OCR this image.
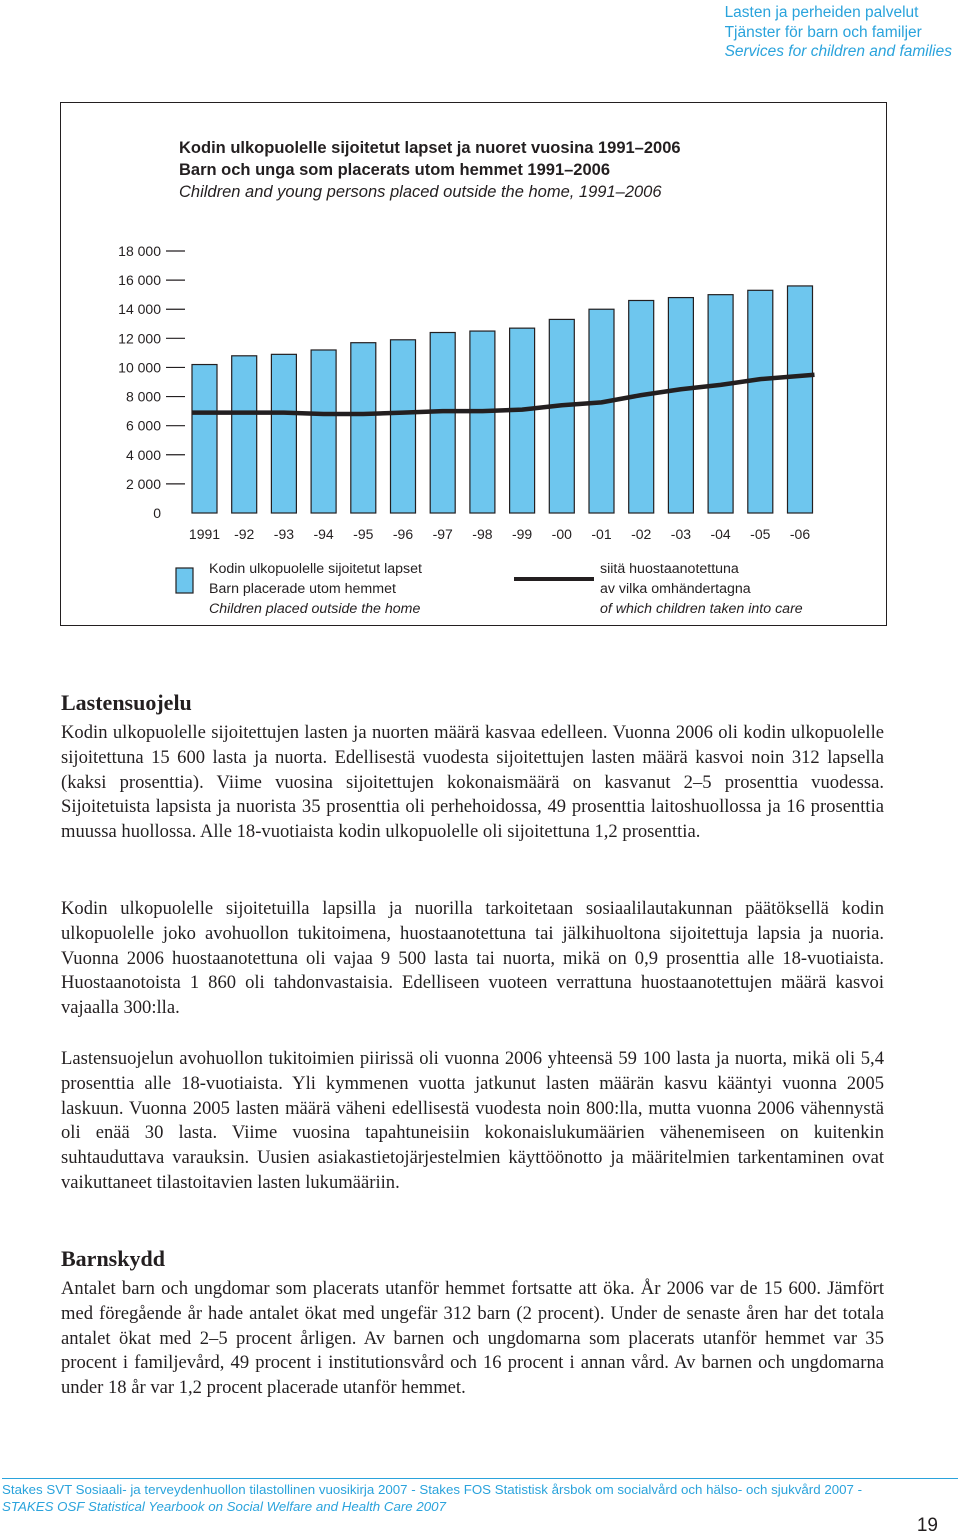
Lasten ja perheiden palvelut
Tjänster för barn och familjer
Services for children and families
Kodin ulkopuolelle sijoitetut lapset ja nuoret vuosina 1991–2006
Barn och unga som placerats utom hemmet 1991–2006
Children and young persons placed outside the home, 1991–2006
0
2 000
4 000
6 000
8 000
10 000
12 000
14 000
16 000
18 000
1991 -92 -93 -94 -95 -96 -97 -98 -99 -00 -01 -02 -03 -04 -05 -06
Kodin ulkopuolelle sijoitetut lapset
Barn placerade utom hemmet
Children placed outside the home
siitä huostaanotettuna
av vilka omhändertagna
of which children taken into care
Lastensuojelu

Kodin ulkopuolelle sijoitettujen lasten ja nuorten määrä kasvaa edelleen. Vuonna 2006 oli kodin ulkopuolelle sijoitettuna 15 600 lasta ja nuorta. Edellisestä vuodesta sijoitettujen lasten määrä kasvoi noin 312 lapsella (kaksi prosenttia). Viime vuosina sijoitettujen kokonaismäärä on kasvanut 2–5 prosenttia vuodessa. Sijoitetuista lapsista ja nuorista 35 prosenttia oli perhehoidossa, 49 prosenttia laitoshuollossa ja 16 prosenttia muussa huollossa. Alle 18-vuotiaista kodin ulkopuolelle oli sijoitettuna 1,2 prosenttia.

Kodin ulkopuolelle sijoitetuilla lapsilla ja nuorilla tarkoitetaan sosiaalilautakunnan päätöksellä kodin ulkopuolelle joko avohuollon tukitoimena, huostaanotettuna tai jälkihuoltona sijoitettuja lapsia ja nuoria. Vuonna 2006 huostaanotettuna oli vajaa 9 500 lasta tai nuorta, mikä on 0,9 prosenttia alle 18-vuotiaista. Huostaanotoista 1 860 oli tahdonvastaisia. Edelliseen vuoteen verrattuna huostaanotettujen määrä kasvoi vajaalla 300:lla.

Lastensuojelun avohuollon tukitoimien piirissä oli vuonna 2006 yhteensä 59 100 lasta ja nuorta, mikä oli 5,4 prosenttia alle 18-vuotiaista. Yli kymmenen vuotta jatkunut lasten määrän kasvu kääntyi vuonna 2005 laskuun. Vuonna 2005 lasten määrä väheni edellisestä vuodesta noin 800:lla, mutta vuonna 2006 vähennystä oli enää 30 lasta. Viime vuosina tapahtuneisiin kokonaislukumäärien vähenemiseen on kuitenkin suhtauduttava varauksin. Uusien asiakastietojärjestelmien käyttöönotto ja määritelmien tarkentaminen ovat vaikuttaneet tilastoitavien lasten lukumääriin.

Barnskydd

Antalet barn och ungdomar som placerats utanför hemmet fortsatte att öka. År 2006 var de 15 600. Jämfört med föregående år hade antalet ökat med ungefär 312 barn (2 procent). Under de senaste åren har det totala antalet ökat med 2–5 procent årligen. Av barnen och ungdomarna som placerats utanför hemmet var 35 procent i familjevård, 49 procent i institutionsvård och 16 procent i annan vård. Av barnen och ungdomarna under 18 år var 1,2 procent placerade utanför hemmet.

Stakes SVT Sosiaali- ja terveydenhuollon tilastollinen vuosikirja 2007 - Stakes FOS Statistisk årsbok om socialvård och hälso- och sjukvård 2007 -
STAKES OSF Statistical Yearbook on Social Welfare and Health Care 2007
19
